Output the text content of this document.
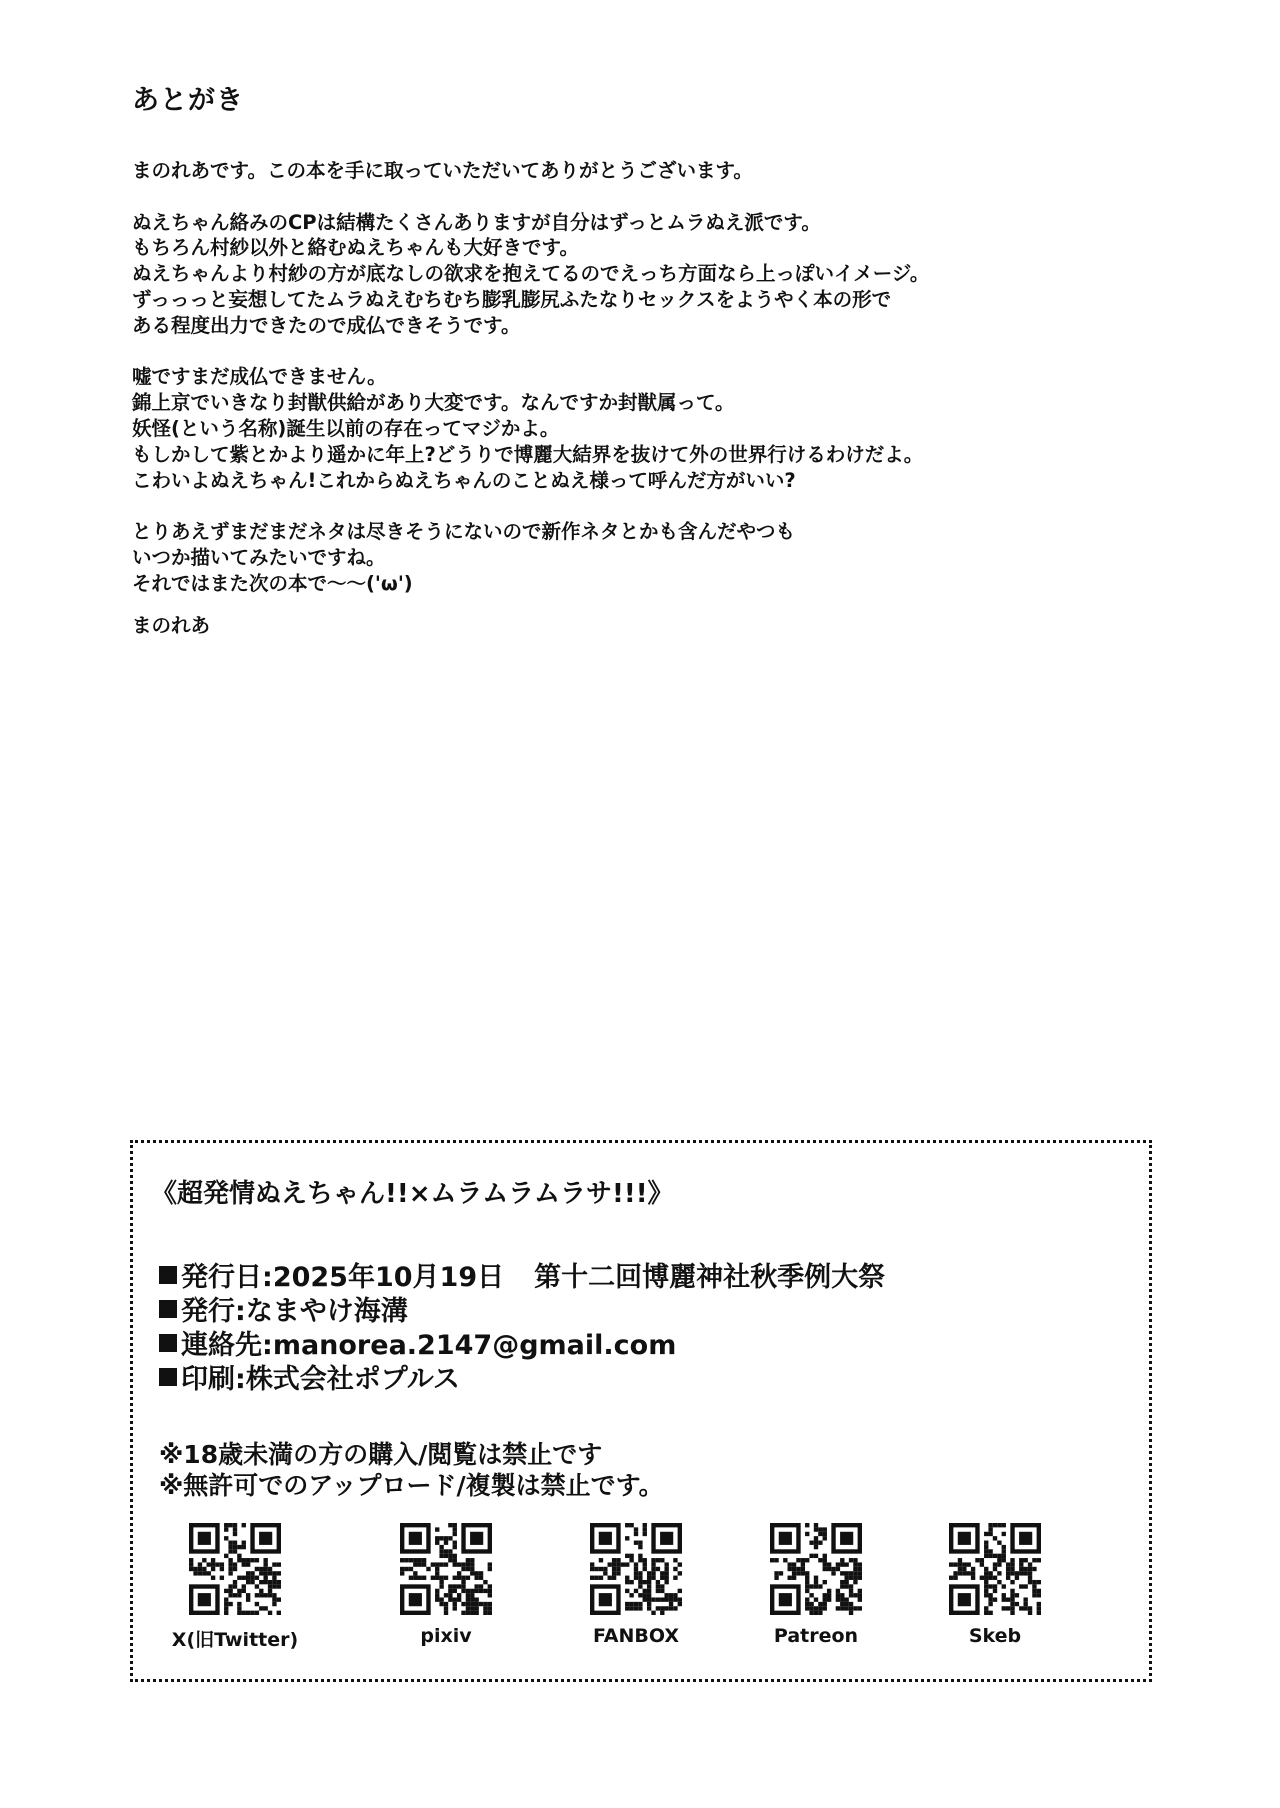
あとがき
まのれあです。この本を手に取っていただいてありがとうございます。
ぬえちゃん絡みのCPは結構たくさんありますが自分はずっとムラぬえ派です。
もちろん村紗以外と絡むぬえちゃんも大好きです。
ぬえちゃんより村紗の方が底なしの欲求を抱えてるのでえっち方面なら上っぽいイメージ。
ずっっっと妄想してたムラぬえむちむち膨乳膨尻ふたなりセックスをようやく本の形で
ある程度出力できたので成仏できそうです。
嘘ですまだ成仏できません。
錦上京でいきなり封獣供給があり大変です。なんですか封獣属って。
妖怪(という名称)誕生以前の存在ってマジかよ。
もしかして紫とかより遥かに年上?どうりで博麗大結界を抜けて外の世界行けるわけだよ。
こわいよぬえちゃん!これからぬえちゃんのことぬえ様って呼んだ方がいい?
とりあえずまだまだネタは尽きそうにないので新作ネタとかも含んだやつも
いつか描いてみたいですね。
それではまた次の本で〜〜('ω')
まのれあ
《超発情ぬえちゃん!!×ムラムラムラサ!!!》
発行日:2025年10月19日 第十二回博麗神社秋季例大祭
発行:なまやけ海溝
連絡先:manorea.2147@gmail.com
印刷:株式会社ポプルス
※18歳未満の方の購入/閲覧は禁止です
※無許可でのアップロード/複製は禁止です。
X(旧Twitter)	pixiv	FANBOX	Patreon	Skeb
